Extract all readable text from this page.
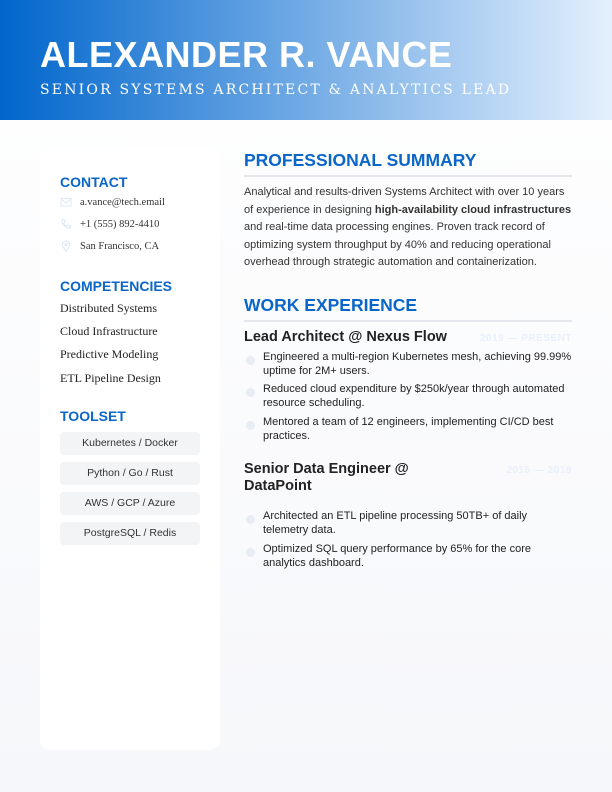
ALEXANDER R. VANCE
SENIOR SYSTEMS ARCHITECT & ANALYTICS LEAD
CONTACT
a.vance@tech.email
+1 (555) 892-4410
San Francisco, CA
COMPETENCIES
Distributed Systems
Cloud Infrastructure
Predictive Modeling
ETL Pipeline Design
TOOLSET
Kubernetes / Docker
Python / Go / Rust
AWS / GCP / Azure
PostgreSQL / Redis
PROFESSIONAL SUMMARY
Analytical and results-driven Systems Architect with over 10 years of experience in designing high-availability cloud infrastructures and real-time data processing engines. Proven track record of optimizing system throughput by 40% and reducing operational overhead through strategic automation and containerization.
WORK EXPERIENCE
Lead Architect @ Nexus Flow	2019 — PRESENT
Engineered a multi-region Kubernetes mesh, achieving 99.99% uptime for 2M+ users.
Reduced cloud expenditure by $250k/year through automated resource scheduling.
Mentored a team of 12 engineers, implementing CI/CD best practices.
Senior Data Engineer @ DataPoint
2015 — 2019
Architected an ETL pipeline processing 50TB+ of daily telemetry data.
Optimized SQL query performance by 65% for the core analytics dashboard.
